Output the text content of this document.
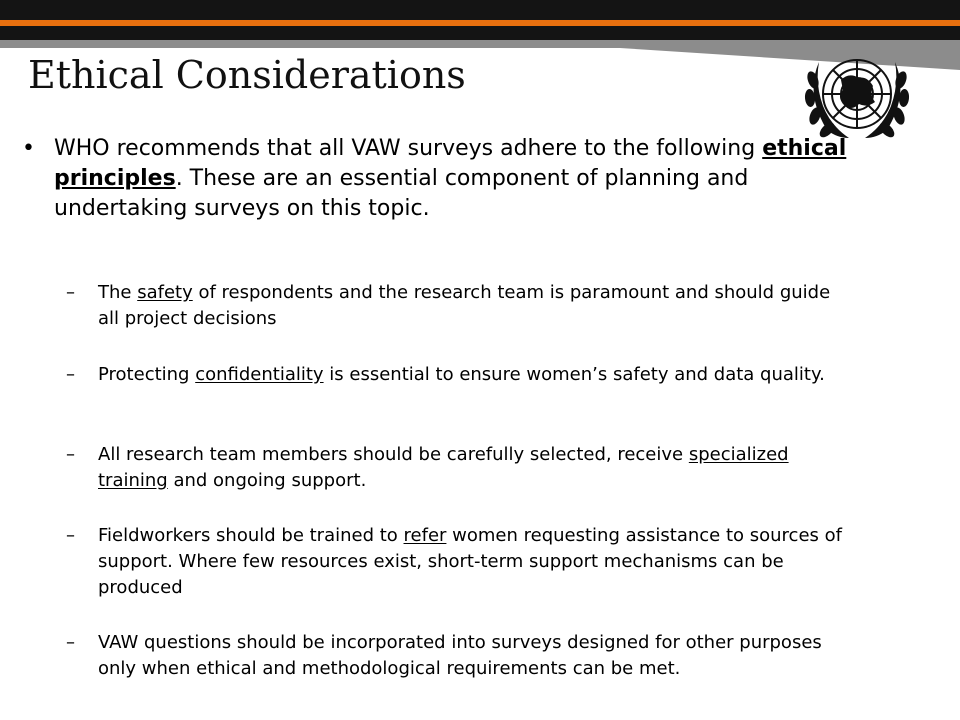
Ethical Considerations
• WHO recommends that all VAW surveys adhere to the following ethical principles. These are an essential component of planning and undertaking surveys on this topic.
– The safety of respondents and the research team is paramount and should guide all project decisions
– Protecting confidentiality is essential to ensure women’s safety and data quality.
– All research team members should be carefully selected, receive specialized training and ongoing support.
– Fieldworkers should be trained to refer women requesting assistance to sources of support. Where few resources exist, short-term support mechanisms can be produced
– VAW questions should be incorporated into surveys designed for other purposes only when ethical and methodological requirements can be met.
